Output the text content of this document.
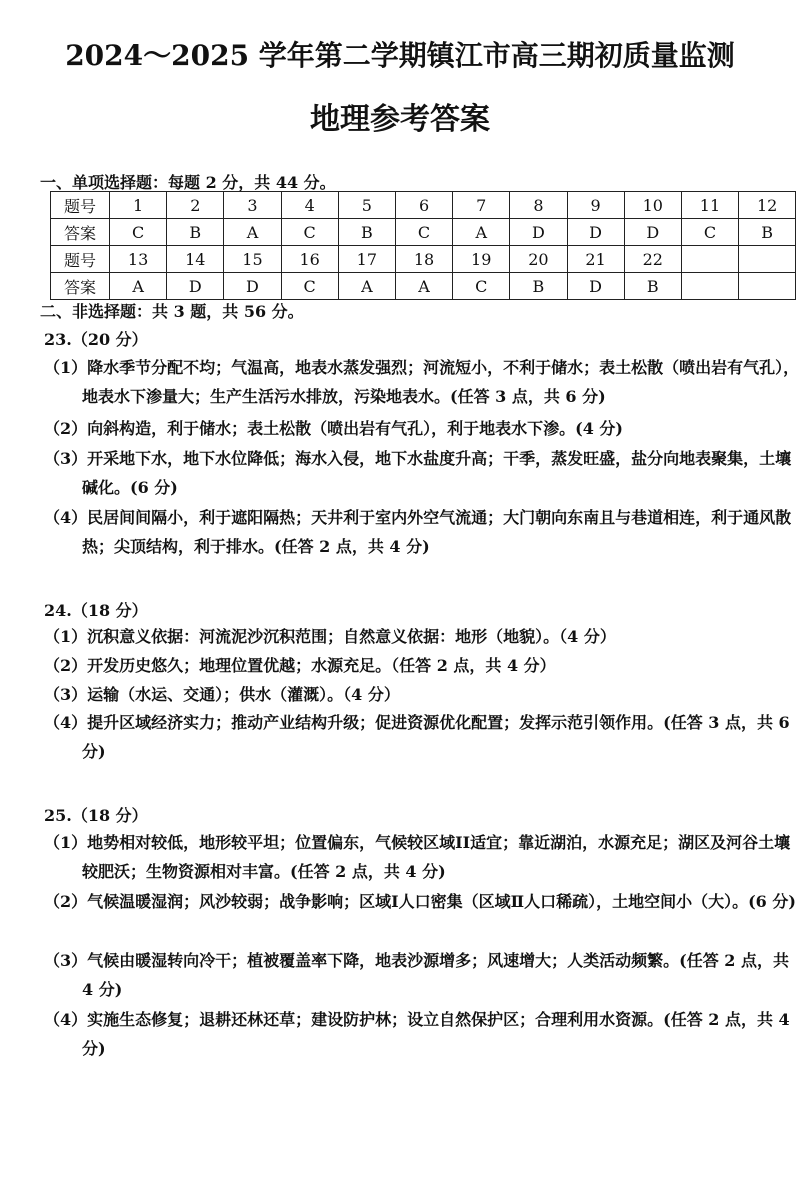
2024～2025 学年第二学期镇江市高三期初质量监测
地理参考答案
一、单项选择题：每题 2 分，共 44 分。
题号	1	2	3	4	5	6	7	8	9	10	11	12
答案	C	B	A	C	B	C	A	D	D	D	C	B
题号	13	14	15	16	17	18	19	20	21	22		
答案	A	D	D	C	A	A	C	B	D	B		
二、非选择题：共 3 题，共 56 分。
23.（20 分）
（1）降水季节分配不均；气温高，地表水蒸发强烈；河流短小，不利于储水；表土松散（喷出岩有气孔），地表水下渗量大；生产生活污水排放，污染地表水。(任答 3 点，共 6 分)
（2）向斜构造，利于储水；表土松散（喷出岩有气孔），利于地表水下渗。(4 分)
（3）开采地下水，地下水位降低；海水入侵，地下水盐度升高；干季，蒸发旺盛，盐分向地表聚集，土壤碱化。(6 分)
（4）民居间间隔小，利于遮阳隔热；天井利于室内外空气流通；大门朝向东南且与巷道相连，利于通风散热；尖顶结构，利于排水。(任答 2 点，共 4 分)
24.（18 分）
（1）沉积意义依据：河流泥沙沉积范围；自然意义依据：地形（地貌）。（4 分）
（2）开发历史悠久；地理位置优越；水源充足。（任答 2 点，共 4 分）
（3）运输（水运、交通）；供水（灌溉）。（4 分）
（4）提升区域经济实力；推动产业结构升级；促进资源优化配置；发挥示范引领作用。(任答 3 点，共 6 分)
25.（18 分）
（1）地势相对较低，地形较平坦；位置偏东，气候较区域II适宜；靠近湖泊，水源充足；湖区及河谷土壤较肥沃；生物资源相对丰富。(任答 2 点，共 4 分)
（2）气候温暖湿润；风沙较弱；战争影响；区域Ⅰ人口密集（区域Ⅱ人口稀疏），土地空间小（大）。(6 分)
（3）气候由暖湿转向冷干；植被覆盖率下降，地表沙源增多；风速增大；人类活动频繁。(任答 2 点，共 4 分)
（4）实施生态修复；退耕还林还草；建设防护林；设立自然保护区；合理利用水资源。(任答 2 点，共 4 分)
